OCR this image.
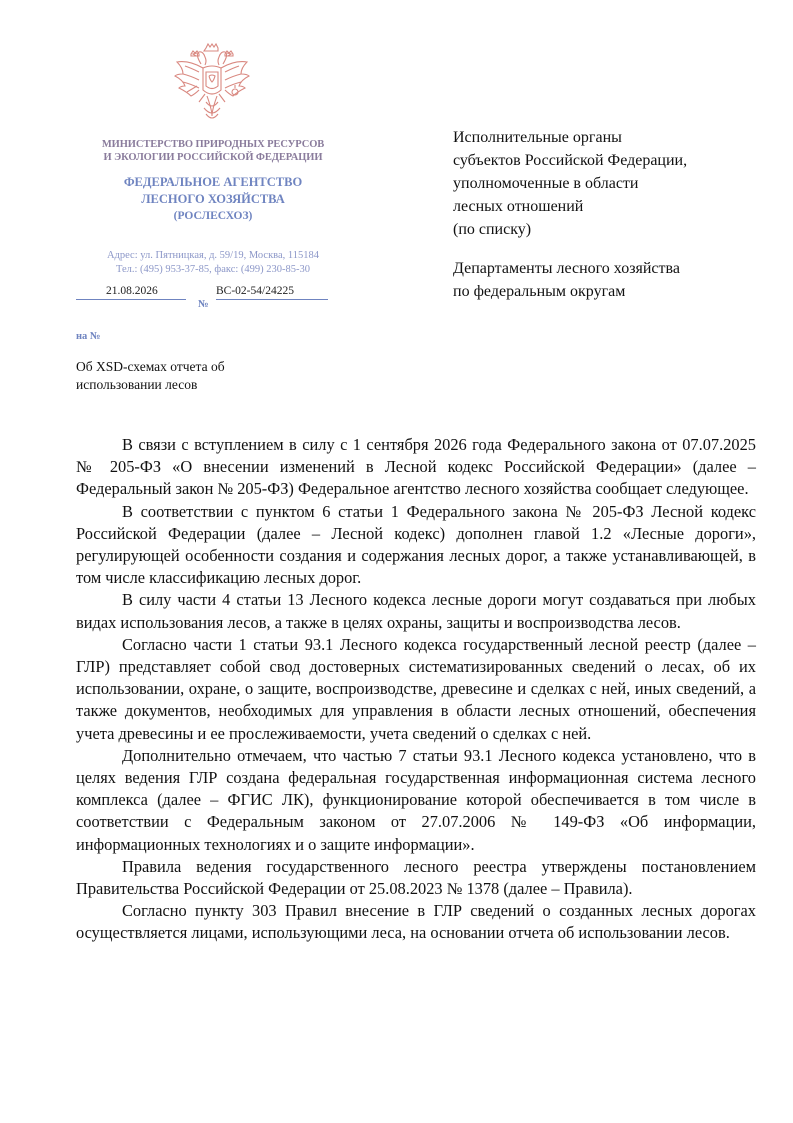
МИНИСТЕРСТВО ПРИРОДНЫХ РЕСУРСОВ
И ЭКОЛОГИИ РОССИЙСКОЙ ФЕДЕРАЦИИ
ФЕДЕРАЛЬНОЕ АГЕНТСТВО
ЛЕСНОГО ХОЗЯЙСТВА
(РОСЛЕСХОЗ)
Адрес: ул. Пятницкая, д. 59/19, Москва, 115184
Тел.: (495) 953-37-85, факс: (499) 230-85-30
21.08.2026	ВС-02-54/24225
№
на №
Об XSD-схемах отчета об
использовании лесов
Исполнительные органы
субъектов Российской Федерации,
уполномоченные в области
лесных отношений
(по списку)
Департаменты лесного хозяйства
по федеральным округам

В связи с вступлением в силу с 1 сентября 2026 года Федерального закона от 07.07.2025 № 205-ФЗ «О внесении изменений в Лесной кодекс Российской Федерации» (далее – Федеральный закон № 205-ФЗ) Федеральное агентство лесного хозяйства сообщает следующее.

В соответствии с пунктом 6 статьи 1 Федерального закона № 205-ФЗ Лесной кодекс Российской Федерации (далее – Лесной кодекс) дополнен главой 1.2 «Лесные дороги», регулирующей особенности создания и содержания лесных дорог, а также устанавливающей, в том числе классификацию лесных дорог.

В силу части 4 статьи 13 Лесного кодекса лесные дороги могут создаваться при любых видах использования лесов, а также в целях охраны, защиты и воспроизводства лесов.

Согласно части 1 статьи 93.1 Лесного кодекса государственный лесной реестр (далее – ГЛР) представляет собой свод достоверных систематизированных сведений о лесах, об их использовании, охране, о защите, воспроизводстве, древесине и сделках с ней, иных сведений, а также документов, необходимых для управления в области лесных отношений, обеспечения учета древесины и ее прослеживаемости, учета сведений о сделках с ней.

Дополнительно отмечаем, что частью 7 статьи 93.1 Лесного кодекса установлено, что в целях ведения ГЛР создана федеральная государственная информационная система лесного комплекса (далее – ФГИС ЛК), функционирование которой обеспечивается в том числе в соответствии с Федеральным законом от 27.07.2006 № 149-ФЗ «Об информации, информационных технологиях и о защите информации».

Правила ведения государственного лесного реестра утверждены постановлением Правительства Российской Федерации от 25.08.2023 № 1378 (далее – Правила).

Согласно пункту 303 Правил внесение в ГЛР сведений о созданных лесных дорогах осуществляется лицами, использующими леса, на основании отчета об использовании лесов.
